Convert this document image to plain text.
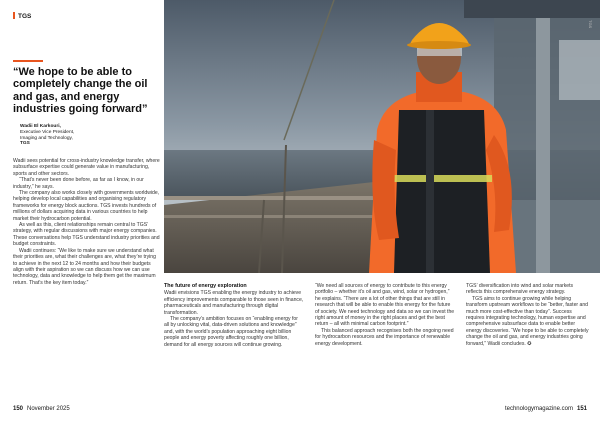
TGS
“We hope to be able to completely change the oil and gas, and energy industries going forward”
Wadii El Karkouri,
Executive Vice President,
Imaging and Technology,
TGS

Wadii sees potential for cross-industry knowledge transfer, where subsurface expertise could generate value in manufacturing, sports and other sectors.

“That’s never been done before, as far as I know, in our industry,” he says.

The company also works closely with governments worldwide, helping develop local capabilities and organising regulatory frameworks for energy block auctions. TGS invests hundreds of millions of dollars acquiring data in various countries to help market their hydrocarbon potential.

As well as this, client relationships remain central to TGS’ strategy, with regular discussions with major energy companies. These conversations help TGS understand industry priorities and budget constraints.

Wadii continues: “We like to make sure we understand what their priorities are, what their challenges are, what they’re trying to achieve in the next 12 to 24 months and how their budgets align with their aspiration so we can discuss how we can use technology, data and knowledge to help them get the maximum return. That’s the key item today.”

The future of energy exploration

Wadii envisions TGS enabling the energy industry to achieve efficiency improvements comparable to those seen in finance, pharmaceuticals and manufacturing through digital transformation.

The company’s ambition focuses on “enabling energy for all by unlocking vital, data-driven solutions and knowledge” and, with the world’s population approaching eight billion people and energy poverty affecting roughly one billion, demand for all energy sources will continue growing.

“We need all sources of energy to contribute to this energy portfolio – whether it’s oil and gas, wind, solar or hydrogen,” he explains. “There are a lot of other things that are still in research that will be able to enable this energy for the future of society. We need technology and data so we can invest the right amount of money in the right places and get the best return – all with minimal carbon footprint.”

This balanced approach recognises both the ongoing need for hydrocarbon resources and the importance of renewable energy development.

TGS’ diversification into wind and solar markets reflects this comprehensive energy strategy.

TGS aims to continue growing while helping transform upstream workflows to be “better, faster and much more cost-effective than today”. Success requires integrating technology, human expertise and comprehensive subsurface data to enable better energy discoveries. “We hope to be able to completely change the oil and gas, and energy industries going forward,” Wadii concludes. ✪

TGS
150 November 2025	technologymagazine.com 151
